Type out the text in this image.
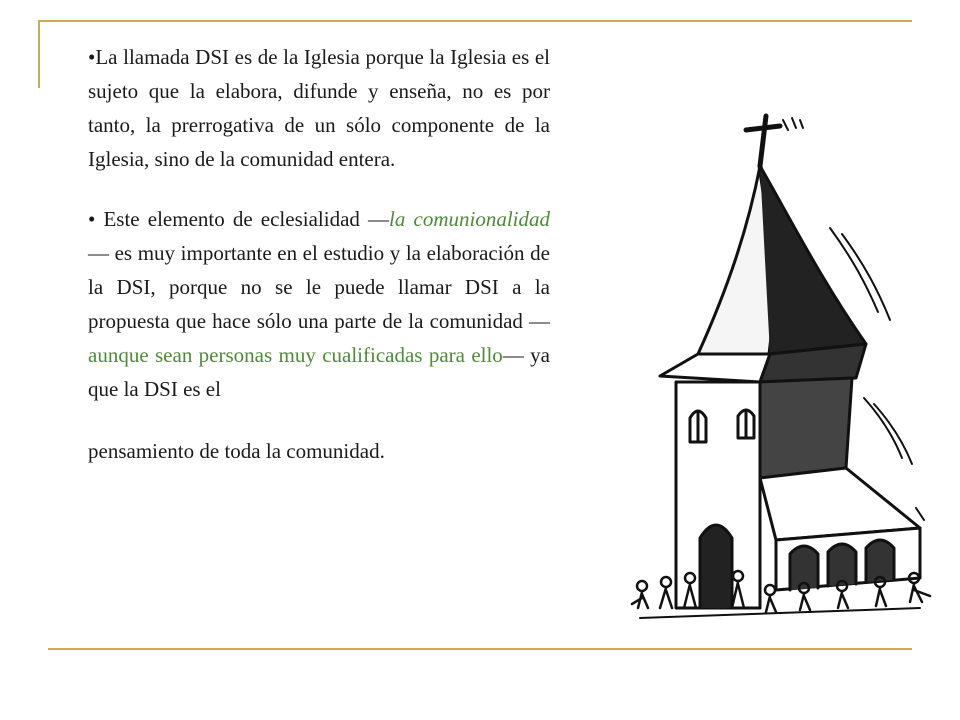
•La llamada DSI es de la Iglesia porque la Iglesia es el sujeto que la elabora, difunde y enseña, no es por tanto, la prerrogativa de un sólo componente de la Iglesia, sino de la comunidad entera.

• Este elemento de eclesialidad —la comunionalidad— es muy importante en el estudio y la elaboración de la DSI, porque no se le puede llamar DSI a la propuesta que hace sólo una parte de la comunidad —aunque sean personas muy cualificadas para ello— ya que la DSI es el

pensamiento de toda la comunidad.
